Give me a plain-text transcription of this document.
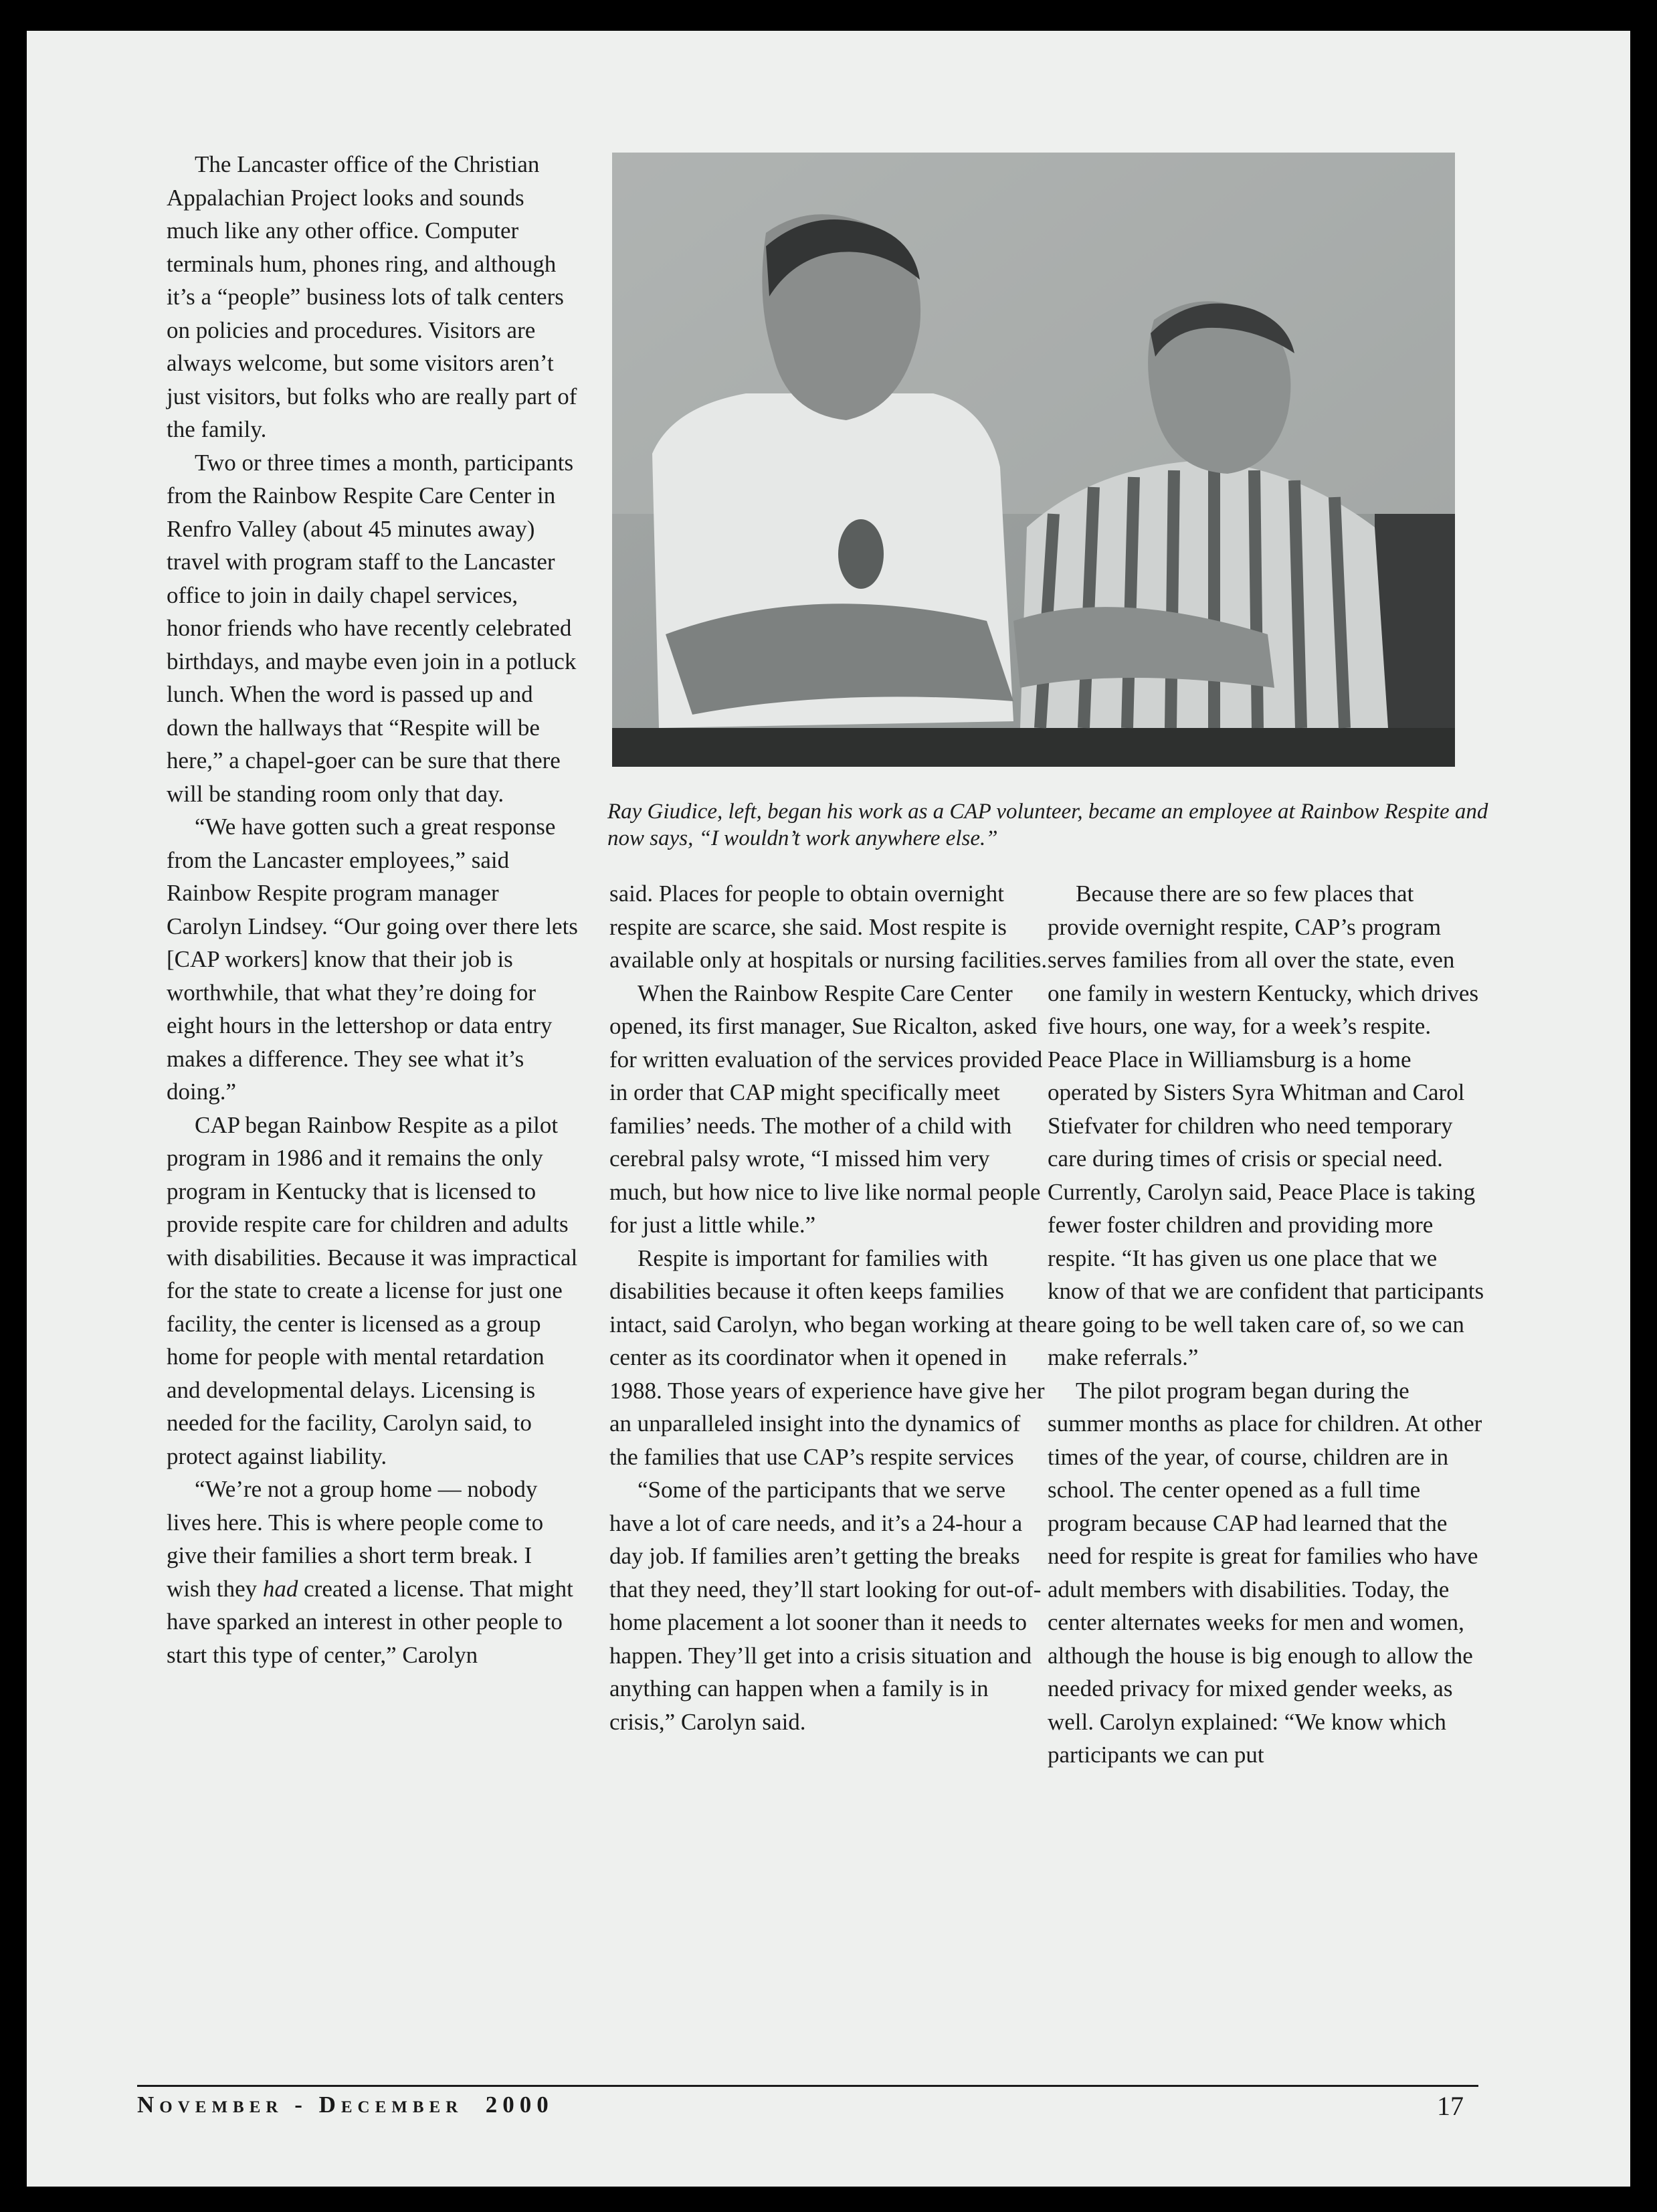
The Lancaster office of the Christian Appalachian Project looks and sounds much like any other office. Computer terminals hum, phones ring, and although it’s a “people” business lots of talk centers on policies and procedures. Visitors are always welcome, but some visitors aren’t just visitors, but folks who are really part of the family.

Two or three times a month, participants from the Rainbow Respite Care Center in Renfro Valley (about 45 minutes away) travel with program staff to the Lancaster office to join in daily chapel services, honor friends who have recently celebrated birthdays, and maybe even join in a potluck lunch. When the word is passed up and down the hallways that “Respite will be here,” a chapel-goer can be sure that there will be standing room only that day.

“We have gotten such a great response from the Lancaster employees,” said Rainbow Respite program manager Carolyn Lindsey. “Our going over there lets [CAP workers] know that their job is worthwhile, that what they’re doing for eight hours in the lettershop or data entry makes a difference. They see what it’s doing.”

CAP began Rainbow Respite as a pilot program in 1986 and it remains the only program in Kentucky that is licensed to provide respite care for children and adults with disabilities. Because it was impractical for the state to create a license for just one facility, the center is licensed as a group home for people with mental retardation and developmental delays. Licensing is needed for the facility, Carolyn said, to protect against liability.

“We’re not a group home — nobody lives here. This is where people come to give their families a short term break. I wish they had created a license. That might have sparked an interest in other people to start this type of center,” Carolyn

Ray Giudice, left, began his work as a CAP volunteer, became an employee at Rainbow Respite and now says, “I wouldn’t work anywhere else.”

said. Places for people to obtain overnight respite are scarce, she said. Most respite is available only at hospitals or nursing facilities.

When the Rainbow Respite Care Center opened, its first manager, Sue Ricalton, asked for written evaluation of the services provided in order that CAP might specifically meet families’ needs. The mother of a child with cerebral palsy wrote, “I missed him very much, but how nice to live like normal people for just a little while.”

Respite is important for families with disabilities because it often keeps families intact, said Carolyn, who began working at the center as its coordinator when it opened in 1988. Those years of experience have give her an unparalleled insight into the dynamics of the families that use CAP’s respite services

“Some of the participants that we serve have a lot of care needs, and it’s a 24-hour a day job. If families aren’t getting the breaks that they need, they’ll start looking for out-of-home placement a lot sooner than it needs to happen. They’ll get into a crisis situation and anything can happen when a family is in crisis,” Carolyn said.

Because there are so few places that provide overnight respite, CAP’s program serves families from all over the state, even one family in western Kentucky, which drives five hours, one way, for a week’s respite. Peace Place in Williamsburg is a home operated by Sisters Syra Whitman and Carol Stiefvater for children who need temporary care during times of crisis or special need. Currently, Carolyn said, Peace Place is taking fewer foster children and providing more respite. “It has given us one place that we know of that we are confident that participants are going to be well taken care of, so we can make referrals.”

The pilot program began during the summer months as place for children. At other times of the year, of course, children are in school. The center opened as a full time program because CAP had learned that the need for respite is great for families who have adult members with disabilities. Today, the center alternates weeks for men and women, although the house is big enough to allow the needed privacy for mixed gender weeks, as well. Carolyn explained: “We know which participants we can put

November - December  2000	17
